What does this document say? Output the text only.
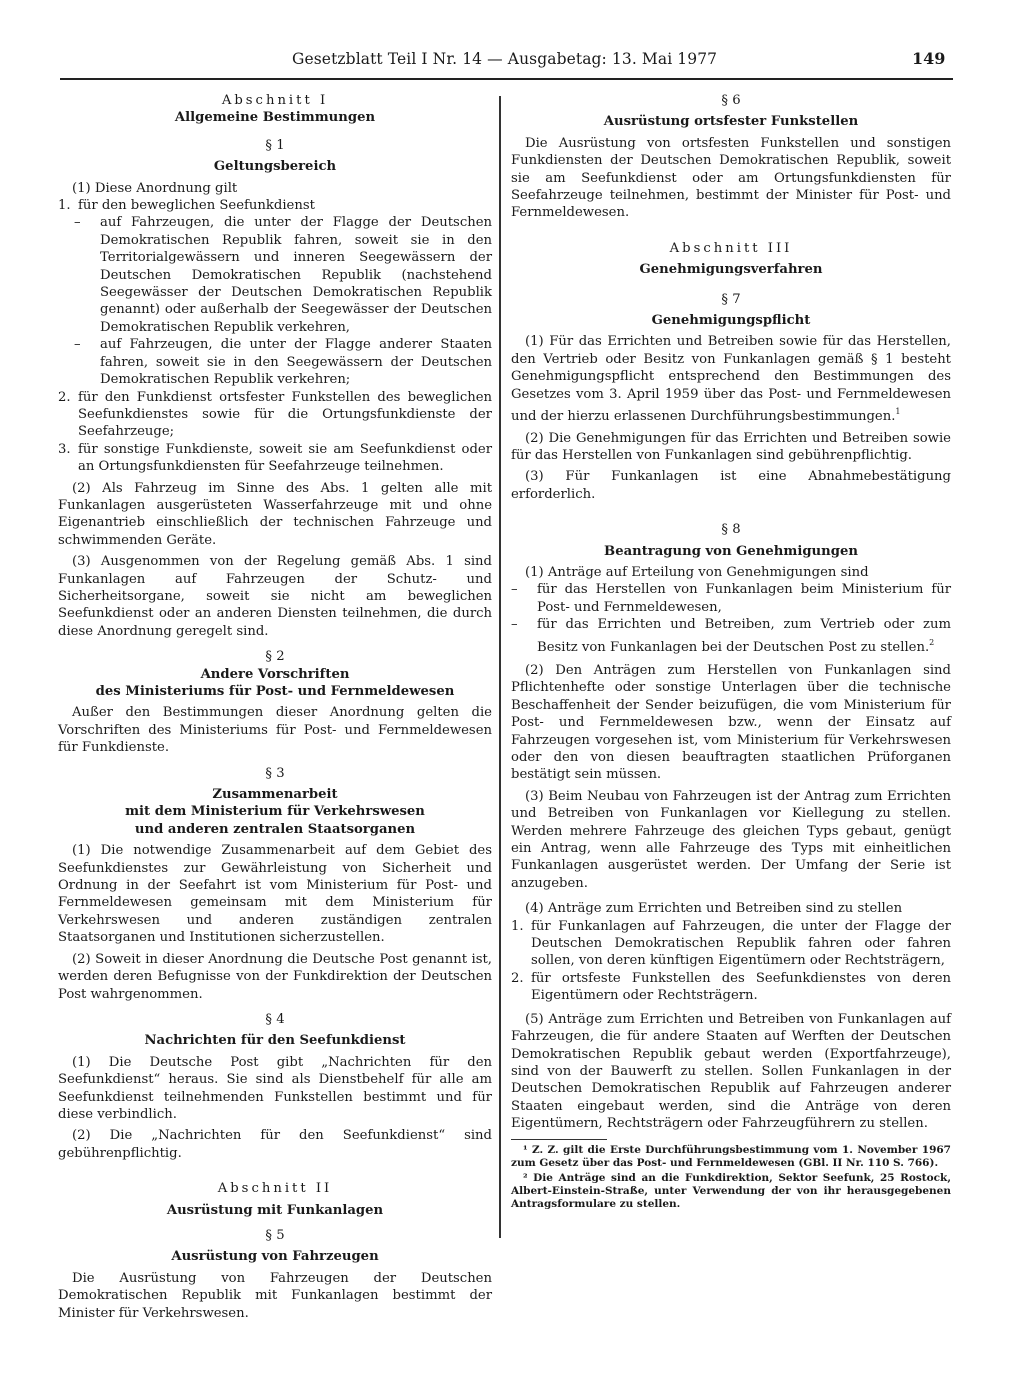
Gesetzblatt Teil I Nr. 14 — Ausgabetag: 13. Mai 1977	149
Abschnitt I
Allgemeine Bestimmungen
§ 1
Geltungsbereich

(1) Diese Anordnung gilt

1. für den beweglichen Seefunkdienst
–	auf Fahrzeugen, die unter der Flagge der Deutschen Demokratischen Republik fahren, soweit sie in den Territorialgewässern und inneren Seegewässern der Deutschen Demokratischen Republik (nachstehend Seegewässer der Deutschen Demokratischen Republik genannt) oder außerhalb der Seegewässer der Deutschen Demokratischen Republik verkehren,
–	auf Fahrzeugen, die unter der Flagge anderer Staaten fahren, soweit sie in den Seegewässern der Deutschen Demokratischen Republik verkehren;
2. für den Funkdienst ortsfester Funkstellen des beweglichen Seefunkdienstes sowie für die Ortungsfunkdienste der Seefahrzeuge;
3. für sonstige Funkdienste, soweit sie am Seefunkdienst oder an Ortungsfunkdiensten für Seefahrzeuge teilnehmen.

(2) Als Fahrzeug im Sinne des Abs. 1 gelten alle mit Funkanlagen ausgerüsteten Wasserfahrzeuge mit und ohne Eigenantrieb einschließlich der technischen Fahrzeuge und schwimmenden Geräte.

(3) Ausgenommen von der Regelung gemäß Abs. 1 sind Funkanlagen auf Fahrzeugen der Schutz- und Sicherheitsorgane, soweit sie nicht am beweglichen Seefunkdienst oder an anderen Diensten teilnehmen, die durch diese Anordnung geregelt sind.

§ 2
Andere Vorschriften
des Ministeriums für Post- und Fernmeldewesen

Außer den Bestimmungen dieser Anordnung gelten die Vorschriften des Ministeriums für Post- und Fernmeldewesen für Funkdienste.

§ 3
Zusammenarbeit
mit dem Ministerium für Verkehrswesen
und anderen zentralen Staatsorganen

(1) Die notwendige Zusammenarbeit auf dem Gebiet des Seefunkdienstes zur Gewährleistung von Sicherheit und Ordnung in der Seefahrt ist vom Ministerium für Post- und Fernmeldewesen gemeinsam mit dem Ministerium für Verkehrswesen und anderen zuständigen zentralen Staatsorganen und Institutionen sicherzustellen.

(2) Soweit in dieser Anordnung die Deutsche Post genannt ist, werden deren Befugnisse von der Funkdirektion der Deutschen Post wahrgenommen.

§ 4
Nachrichten für den Seefunkdienst

(1) Die Deutsche Post gibt „Nachrichten für den Seefunkdienst“ heraus. Sie sind als Dienstbehelf für alle am Seefunkdienst teilnehmenden Funkstellen bestimmt und für diese verbindlich.

(2) Die „Nachrichten für den Seefunkdienst“ sind gebührenpflichtig.

Abschnitt II
Ausrüstung mit Funkanlagen
§ 5
Ausrüstung von Fahrzeugen

Die Ausrüstung von Fahrzeugen der Deutschen Demokratischen Republik mit Funkanlagen bestimmt der Minister für Verkehrswesen.

§ 6
Ausrüstung ortsfester Funkstellen

Die Ausrüstung von ortsfesten Funkstellen und sonstigen Funkdiensten der Deutschen Demokratischen Republik, soweit sie am Seefunkdienst oder am Ortungsfunkdiensten für Seefahrzeuge teilnehmen, bestimmt der Minister für Post- und Fernmeldewesen.

Abschnitt III
Genehmigungsverfahren
§ 7
Genehmigungspflicht

(1) Für das Errichten und Betreiben sowie für das Herstellen, den Vertrieb oder Besitz von Funkanlagen gemäß § 1 besteht Genehmigungspflicht entsprechend den Bestimmungen des Gesetzes vom 3. April 1959 über das Post- und Fernmeldewesen und der hierzu erlassenen Durchführungsbestimmungen.$^1$

(2) Die Genehmigungen für das Errichten und Betreiben sowie für das Herstellen von Funkanlagen sind gebührenpflichtig.

(3) Für Funkanlagen ist eine Abnahmebestätigung erforderlich.

§ 8
Beantragung von Genehmigungen

(1) Anträge auf Erteilung von Genehmigungen sind

–	für das Herstellen von Funkanlagen beim Ministerium für Post- und Fernmeldewesen,
–	für das Errichten und Betreiben, zum Vertrieb oder zum Besitz von Funkanlagen bei der Deutschen Post zu stellen.$^2$

(2) Den Anträgen zum Herstellen von Funkanlagen sind Pflichtenhefte oder sonstige Unterlagen über die technische Beschaffenheit der Sender beizufügen, die vom Ministerium für Post- und Fernmeldewesen bzw., wenn der Einsatz auf Fahrzeugen vorgesehen ist, vom Ministerium für Verkehrswesen oder den von diesen beauftragten staatlichen Prüforganen bestätigt sein müssen.

(3) Beim Neubau von Fahrzeugen ist der Antrag zum Errichten und Betreiben von Funkanlagen vor Kiellegung zu stellen. Werden mehrere Fahrzeuge des gleichen Typs gebaut, genügt ein Antrag, wenn alle Fahrzeuge des Typs mit einheitlichen Funkanlagen ausgerüstet werden. Der Umfang der Serie ist anzugeben.

(4) Anträge zum Errichten und Betreiben sind zu stellen

1. für Funkanlagen auf Fahrzeugen, die unter der Flagge der Deutschen Demokratischen Republik fahren oder fahren sollen, von deren künftigen Eigentümern oder Rechtsträgern,
2. für ortsfeste Funkstellen des Seefunkdienstes von deren Eigentümern oder Rechtsträgern.

(5) Anträge zum Errichten und Betreiben von Funkanlagen auf Fahrzeugen, die für andere Staaten auf Werften der Deutschen Demokratischen Republik gebaut werden (Exportfahrzeuge), sind von der Bauwerft zu stellen. Sollen Funkanlagen in der Deutschen Demokratischen Republik auf Fahrzeugen anderer Staaten eingebaut werden, sind die Anträge von deren Eigentümern, Rechtsträgern oder Fahrzeugführern zu stellen.

¹ Z. Z. gilt die Erste Durchführungsbestimmung vom 1. November 1967 zum Gesetz über das Post- und Fernmeldewesen (GBl. II Nr. 110 S. 766).

² Die Anträge sind an die Funkdirektion, Sektor Seefunk, 25 Rostock, Albert-Einstein-Straße, unter Verwendung der von ihr herausgegebenen Antragsformulare zu stellen.
